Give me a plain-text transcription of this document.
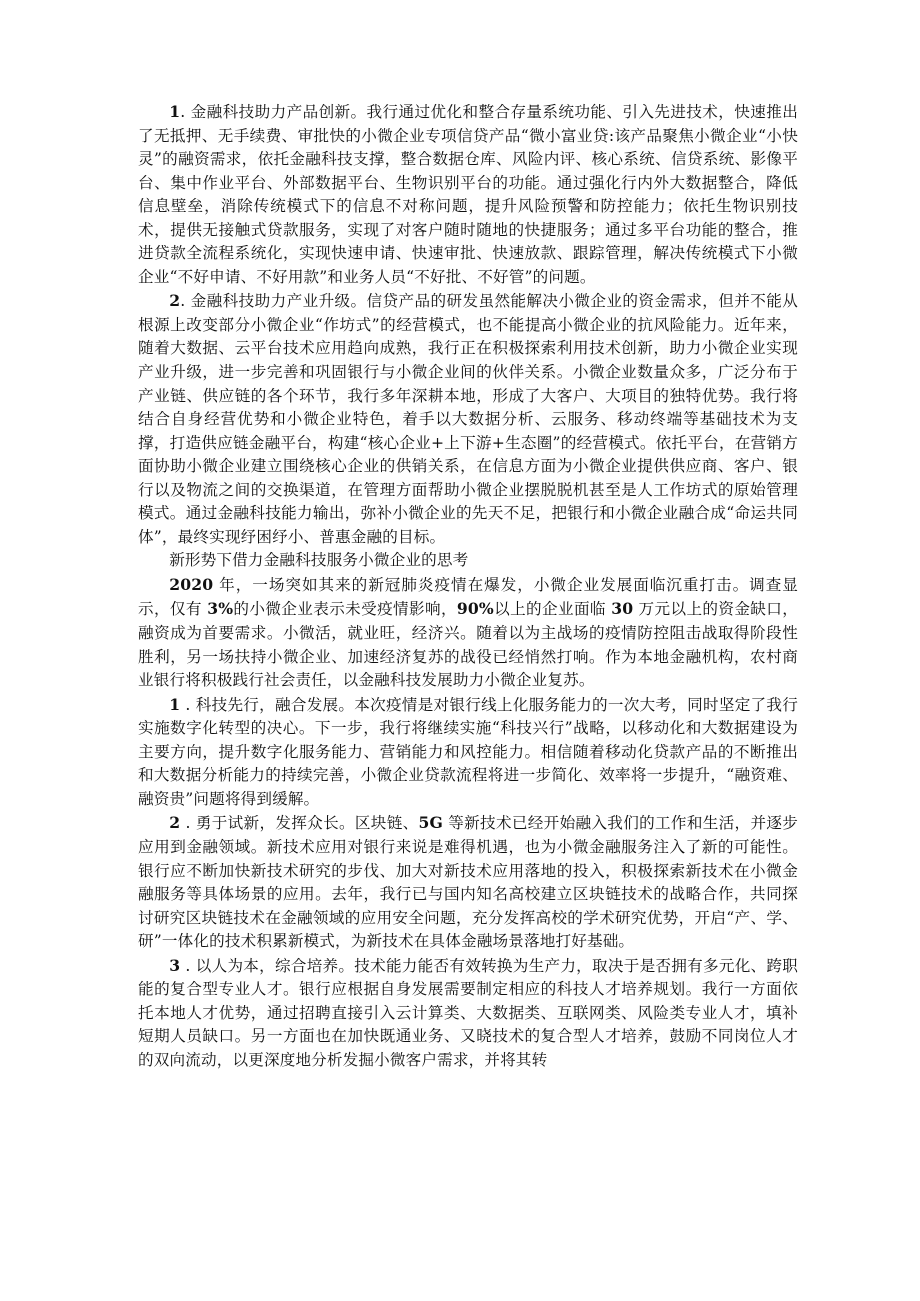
1. 金融科技助力产品创新。我行通过优化和整合存量系统功能、引入先进技术，快速推出了无抵押、无手续费、审批快的小微企业专项信贷产品“微小富业贷:该产品聚焦小微企业“小快灵”的融资需求，依托金融科技支撑，整合数据仓库、风险内评、核心系统、信贷系统、影像平台、集中作业平台、外部数据平台、生物识别平台的功能。通过强化行内外大数据整合，降低信息壁垒，消除传统模式下的信息不对称问题，提升风险预警和防控能力；依托生物识别技术，提供无接触式贷款服务，实现了对客户随时随地的快捷服务；通过多平台功能的整合，推进贷款全流程系统化，实现快速申请、快速审批、快速放款、跟踪管理，解决传统模式下小微企业“不好申请、不好用款”和业务人员“不好批、不好管”的问题。

2. 金融科技助力产业升级。信贷产品的研发虽然能解决小微企业的资金需求，但并不能从根源上改变部分小微企业“作坊式”的经营模式，也不能提高小微企业的抗风险能力。近年来，随着大数据、云平台技术应用趋向成熟，我行正在积极探索利用技术创新，助力小微企业实现产业升级，进一步完善和巩固银行与小微企业间的伙伴关系。小微企业数量众多，广泛分布于产业链、供应链的各个环节，我行多年深耕本地，形成了大客户、大项目的独特优势。我行将结合自身经营优势和小微企业特色，着手以大数据分析、云服务、移动终端等基础技术为支撑，打造供应链金融平台，构建“核心企业+上下游+生态圈”的经营模式。依托平台，在营销方面协助小微企业建立围绕核心企业的供销关系，在信息方面为小微企业提供供应商、客户、银行以及物流之间的交换渠道，在管理方面帮助小微企业摆脱脱机甚至是人工作坊式的原始管理模式。通过金融科技能力输出，弥补小微企业的先天不足，把银行和小微企业融合成“命运共同体”，最终实现纾困纾小、普惠金融的目标。

新形势下借力金融科技服务小微企业的思考

2020 年，一场突如其来的新冠肺炎疫情在爆发，小微企业发展面临沉重打击。调查显示，仅有 3%的小微企业表示未受疫情影响，90%以上的企业面临 30 万元以上的资金缺口，融资成为首要需求。小微活，就业旺，经济兴。随着以为主战场的疫情防控阻击战取得阶段性胜利，另一场扶持小微企业、加速经济复苏的战役已经悄然打响。作为本地金融机构，农村商业银行将积极践行社会责任，以金融科技发展助力小微企业复苏。

1 . 科技先行，融合发展。本次疫情是对银行线上化服务能力的一次大考，同时坚定了我行实施数字化转型的决心。下一步，我行将继续实施“科技兴行”战略，以移动化和大数据建设为主要方向，提升数字化服务能力、营销能力和风控能力。相信随着移动化贷款产品的不断推出和大数据分析能力的持续完善，小微企业贷款流程将进一步简化、效率将一步提升，“融资难、融资贵”问题将得到缓解。

2 . 勇于试新，发挥众长。区块链、5G 等新技术已经开始融入我们的工作和生活，并逐步应用到金融领域。新技术应用对银行来说是难得机遇，也为小微金融服务注入了新的可能性。银行应不断加快新技术研究的步伐、加大对新技术应用落地的投入，积极探索新技术在小微金融服务等具体场景的应用。去年，我行已与国内知名高校建立区块链技术的战略合作，共同探讨研究区块链技术在金融领域的应用安全问题，充分发挥高校的学术研究优势，开启“产、学、研”一体化的技术积累新模式，为新技术在具体金融场景落地打好基础。

3 . 以人为本，综合培养。技术能力能否有效转换为生产力，取决于是否拥有多元化、跨职能的复合型专业人才。银行应根据自身发展需要制定相应的科技人才培养规划。我行一方面依托本地人才优势，通过招聘直接引入云计算类、大数据类、互联网类、风险类专业人才，填补短期人员缺口。另一方面也在加快既通业务、又晓技术的复合型人才培养，鼓励不同岗位人才的双向流动，以更深度地分析发掘小微客户需求，并将其转
